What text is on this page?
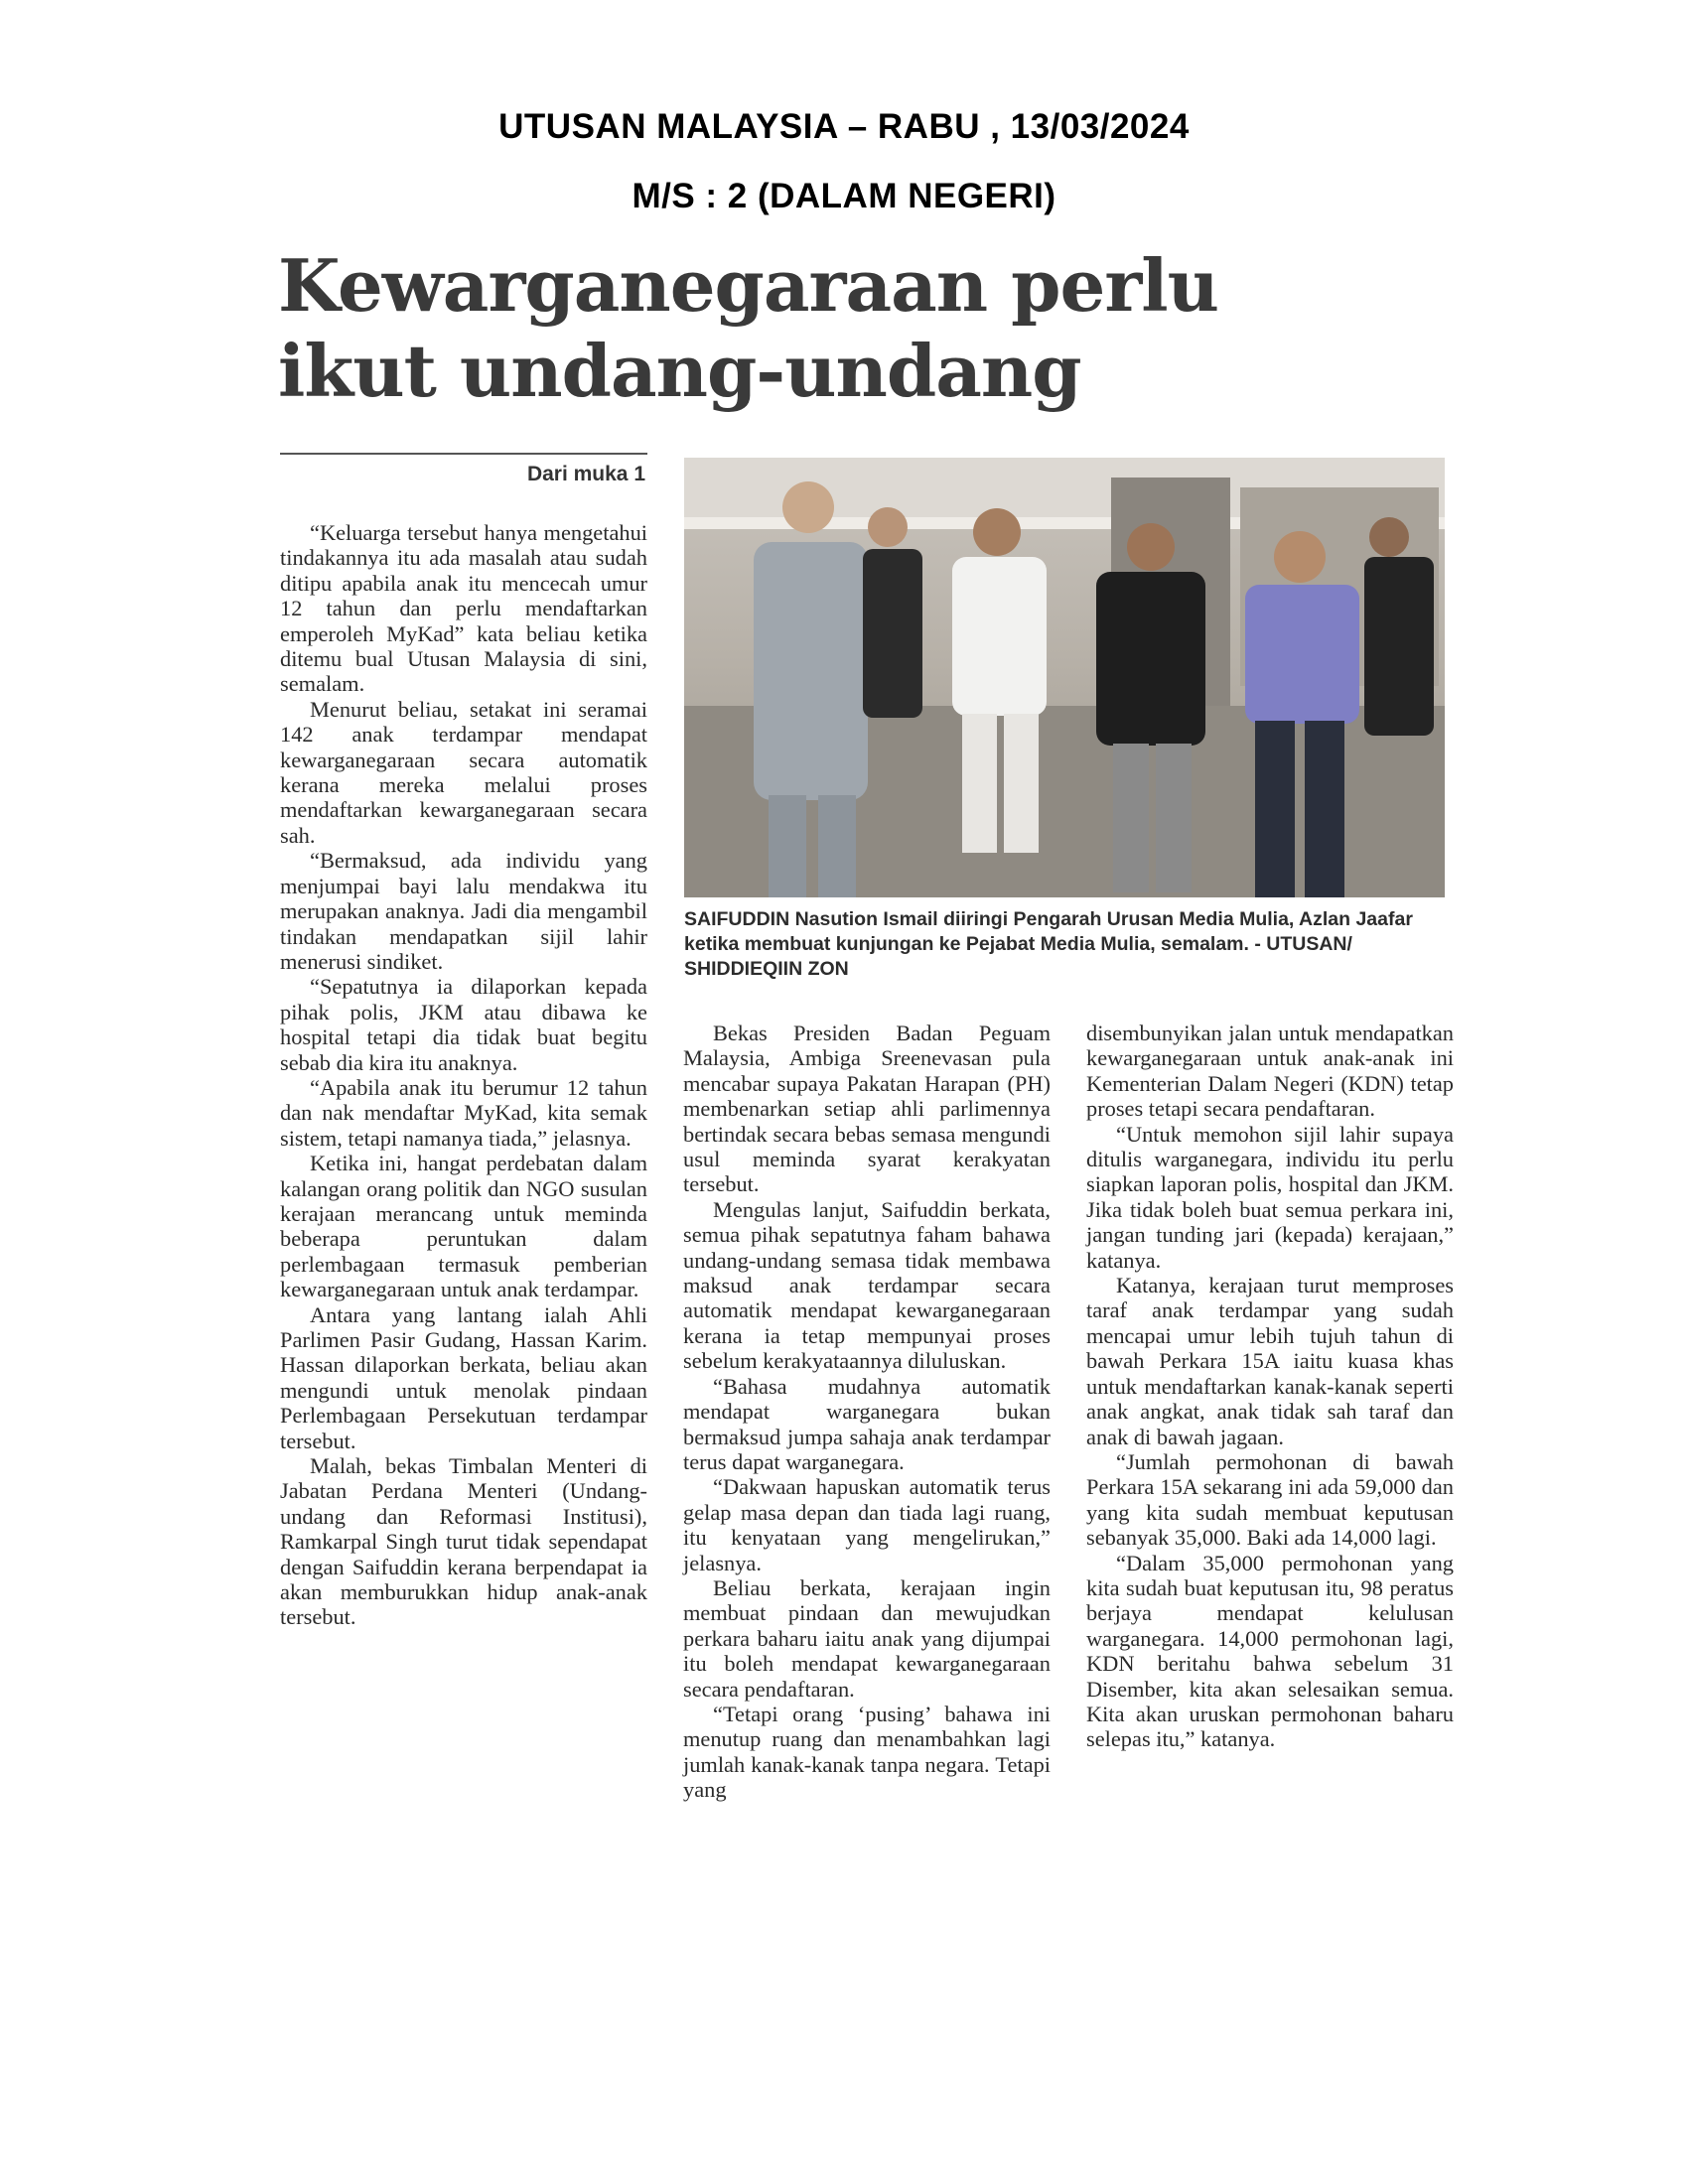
UTUSAN MALAYSIA – RABU , 13/03/2024
M/S : 2 (DALAM NEGERI)
Kewarganegaraan perlu ikut undang-undang
Dari muka 1

“Keluarga tersebut hanya mengetahui tindakannya itu ada masalah atau sudah ditipu apabila anak itu mencecah umur 12 tahun dan perlu mendaftarkan emperoleh MyKad” kata beliau ketika ditemu bual Utusan Malaysia di sini, semalam.

Menurut beliau, setakat ini seramai 142 anak terdampar mendapat kewarganegaraan secara automatik kerana mereka melalui proses mendaftarkan kewarganegaraan secara sah.

“Bermaksud, ada individu yang menjumpai bayi lalu mendakwa itu merupakan anaknya. Jadi dia mengambil tindakan mendapatkan sijil lahir menerusi sindiket.

“Sepatutnya ia dilaporkan kepada pihak polis, JKM atau dibawa ke hospital tetapi dia tidak buat begitu sebab dia kira itu anaknya.

“Apabila anak itu berumur 12 tahun dan nak mendaftar MyKad, kita semak sistem, tetapi namanya tiada,” jelasnya.

Ketika ini, hangat perdebatan dalam kalangan orang politik dan NGO susulan kerajaan merancang untuk meminda beberapa peruntukan dalam perlembagaan termasuk pemberian kewarganegaraan untuk anak terdampar.

Antara yang lantang ialah Ahli Parlimen Pasir Gudang, Hassan Karim. Hassan dilaporkan berkata, beliau akan mengundi untuk menolak pindaan Perlembagaan Persekutuan terdampar tersebut.

Malah, bekas Timbalan Menteri di Jabatan Perdana Menteri (Undang-undang dan Reformasi Institusi), Ramkarpal Singh turut tidak sependapat dengan Saifuddin kerana berpendapat ia akan memburukkan hidup anak-anak tersebut.

SAIFUDDIN Nasution Ismail diiringi Pengarah Urusan Media Mulia, Azlan Jaafar ketika membuat kunjungan ke Pejabat Media Mulia, semalam. - UTUSAN/ SHIDDIEQIIN ZON

Bekas Presiden Badan Peguam Malaysia, Ambiga Sreenevasan pula mencabar supaya Pakatan Harapan (PH) membenarkan setiap ahli parlimennya bertindak secara bebas semasa mengundi usul meminda syarat kerakyatan tersebut.

Mengulas lanjut, Saifuddin berkata, semua pihak sepatutnya faham bahawa undang-undang semasa tidak membawa maksud anak terdampar secara automatik mendapat kewarganegaraan kerana ia tetap mempunyai proses sebelum kerakyataannya diluluskan.

“Bahasa mudahnya automatik mendapat warganegara bukan bermaksud jumpa sahaja anak terdampar terus dapat warganegara.

“Dakwaan hapuskan automatik terus gelap masa depan dan tiada lagi ruang, itu kenyataan yang mengelirukan,” jelasnya.

Beliau berkata, kerajaan ingin membuat pindaan dan mewujudkan perkara baharu iaitu anak yang dijumpai itu boleh mendapat kewarganegaraan secara pendaftaran.

“Tetapi orang ‘pusing’ bahawa ini menutup ruang dan menambahkan lagi jumlah kanak-kanak tanpa negara. Tetapi yang

disembunyikan jalan untuk mendapatkan kewarganegaraan untuk anak-anak ini Kementerian Dalam Negeri (KDN) tetap proses tetapi secara pendaftaran.

“Untuk memohon sijil lahir supaya ditulis warganegara, individu itu perlu siapkan laporan polis, hospital dan JKM. Jika tidak boleh buat semua perkara ini, jangan tunding jari (kepada) kerajaan,” katanya.

Katanya, kerajaan turut memproses taraf anak terdampar yang sudah mencapai umur lebih tujuh tahun di bawah Perkara 15A iaitu kuasa khas untuk mendaftarkan kanak-kanak seperti anak angkat, anak tidak sah taraf dan anak di bawah jagaan.

“Jumlah permohonan di bawah Perkara 15A sekarang ini ada 59,000 dan yang kita sudah membuat keputusan sebanyak 35,000. Baki ada 14,000 lagi.

“Dalam 35,000 permohonan yang kita sudah buat keputusan itu, 98 peratus berjaya mendapat kelulusan warganegara. 14,000 permohonan lagi, KDN beritahu bahwa sebelum 31 Disember, kita akan selesaikan semua. Kita akan uruskan permohonan baharu selepas itu,” katanya.
